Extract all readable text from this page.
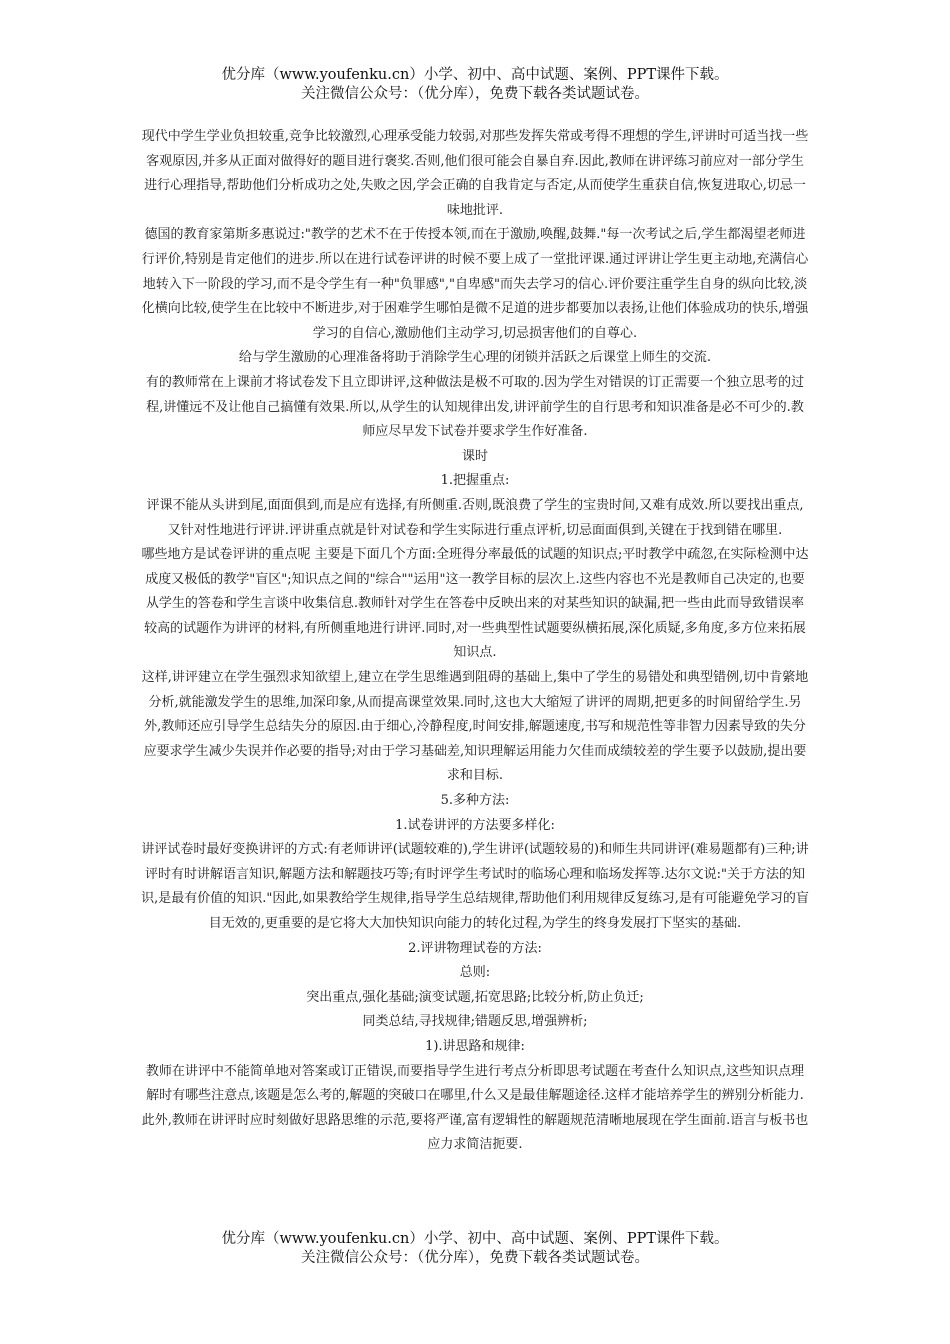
优分库（www.youfenku.cn）小学、初中、高中试题、案例、PPT课件下载。
关注微信公众号：（优分库），免费下载各类试题试卷。

现代中学生学业负担较重,竞争比较激烈,心理承受能力较弱,对那些发挥失常或考得不理想的学生,评讲时可适当找一些客观原因,并多从正面对做得好的题目进行褒奖.否则,他们很可能会自暴自弃.因此,教师在讲评练习前应对一部分学生进行心理指导,帮助他们分析成功之处,失败之因,学会正确的自我肯定与否定,从而使学生重获自信,恢复进取心,切忌一味地批评.

德国的教育家第斯多惠说过:"教学的艺术不在于传授本领,而在于激励,唤醒,鼓舞."每一次考试之后,学生都渴望老师进行评价,特别是肯定他们的进步.所以在进行试卷评讲的时候不要上成了一堂批评课.通过评讲让学生更主动地,充满信心地转入下一阶段的学习,而不是令学生有一种"负罪感","自卑感"而失去学习的信心.评价要注重学生自身的纵向比较,淡化横向比较,使学生在比较中不断进步,对于困难学生哪怕是微不足道的进步都要加以表扬,让他们体验成功的快乐,增强学习的自信心,激励他们主动学习,切忌损害他们的自尊心.

给与学生激励的心理准备将助于消除学生心理的闭锁并活跃之后课堂上师生的交流.

有的教师常在上课前才将试卷发下且立即讲评,这种做法是极不可取的.因为学生对错误的订正需要一个独立思考的过程,讲懂远不及让他自己搞懂有效果.所以,从学生的认知规律出发,讲评前学生的自行思考和知识准备是必不可少的.教师应尽早发下试卷并要求学生作好准备.

课时

1.把握重点:

评课不能从头讲到尾,面面俱到,而是应有选择,有所侧重.否则,既浪费了学生的宝贵时间,又难有成效.所以要找出重点,又针对性地进行评讲.评讲重点就是针对试卷和学生实际进行重点评析,切忌面面俱到,关键在于找到错在哪里.

哪些地方是试卷评讲的重点呢 主要是下面几个方面:全班得分率最低的试题的知识点;平时教学中疏忽,在实际检测中达成度又极低的教学"盲区";知识点之间的"综合""运用"这一教学目标的层次上.这些内容也不光是教师自己决定的,也要从学生的答卷和学生言谈中收集信息.教师针对学生在答卷中反映出来的对某些知识的缺漏,把一些由此而导致错误率较高的试题作为讲评的材料,有所侧重地进行讲评.同时,对一些典型性试题要纵横拓展,深化质疑,多角度,多方位来拓展知识点.

这样,讲评建立在学生强烈求知欲望上,建立在学生思维遇到阻碍的基础上,集中了学生的易错处和典型错例,切中肯綮地分析,就能激发学生的思维,加深印象,从而提高课堂效果.同时,这也大大缩短了讲评的周期,把更多的时间留给学生.另外,教师还应引导学生总结失分的原因.由于细心,冷静程度,时间安排,解题速度,书写和规范性等非智力因素导致的失分应要求学生减少失误并作必要的指导;对由于学习基础差,知识理解运用能力欠佳而成绩较差的学生要予以鼓励,提出要求和目标.

5.多种方法:

1.试卷讲评的方法要多样化:

讲评试卷时最好变换讲评的方式:有老师讲评(试题较难的),学生讲评(试题较易的)和师生共同讲评(难易题都有)三种;讲评时有时讲解语言知识,解题方法和解题技巧等;有时评学生考试时的临场心理和临场发挥等.达尔文说:"关于方法的知识,是最有价值的知识."因此,如果教给学生规律,指导学生总结规律,帮助他们利用规律反复练习,是有可能避免学习的盲目无效的,更重要的是它将大大加快知识向能力的转化过程,为学生的终身发展打下坚实的基础.

2.评讲物理试卷的方法:

总则:

突出重点,强化基础;演变试题,拓宽思路;比较分析,防止负迁;

同类总结,寻找规律;错题反思,增强辨析;

1).讲思路和规律:

教师在讲评中不能简单地对答案或订正错误,而要指导学生进行考点分析即思考试题在考查什么知识点,这些知识点理解时有哪些注意点,该题是怎么考的,解题的突破口在哪里,什么又是最佳解题途径.这样才能培养学生的辨别分析能力.此外,教师在讲评时应时刻做好思路思维的示范,要将严谨,富有逻辑性的解题规范清晰地展现在学生面前.语言与板书也应力求简洁扼要.

优分库（www.youfenku.cn）小学、初中、高中试题、案例、PPT课件下载。
关注微信公众号：（优分库），免费下载各类试题试卷。
